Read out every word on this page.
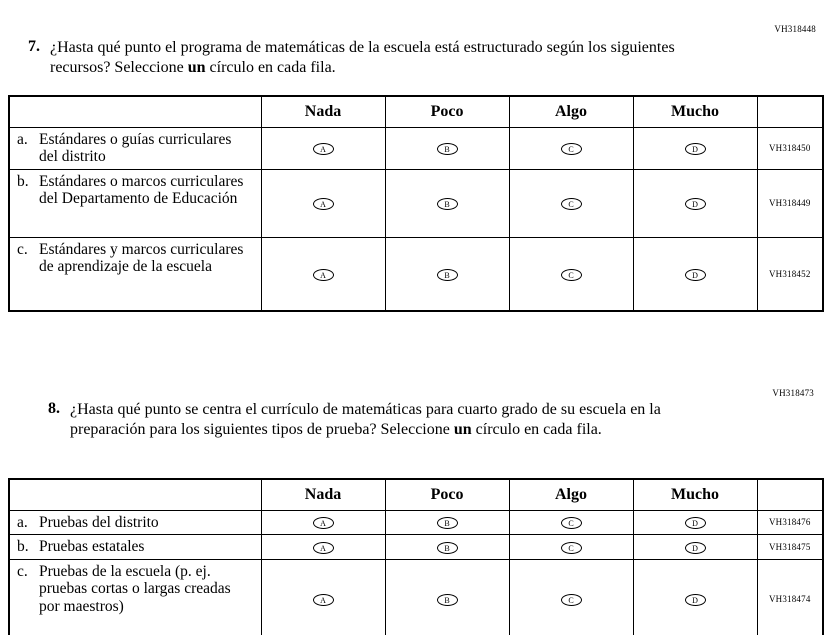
VH318448
7. ¿Hasta qué punto el programa de matemáticas de la escuela está estructurado según los siguientes recursos? Seleccione un círculo en cada fila.
	Nada	Poco	Algo	Mucho	

a. Estándares o guías curriculares del distrito	A	B	C	D	VH318450

b. Estándares o marcos curriculares del Departamento de Educación	A	B	C	D	VH318449

c. Estándares y marcos curriculares de aprendizaje de la escuela	A	B	C	D	VH318452
VH318473
8. ¿Hasta qué punto se centra el currículo de matemáticas para cuarto grado de su escuela en la preparación para los siguientes tipos de prueba? Seleccione un círculo en cada fila.
	Nada	Poco	Algo	Mucho	

a. Pruebas del distrito	A	B	C	D	VH318476

b. Pruebas estatales	A	B	C	D	VH318475

c. Pruebas de la escuela (p. ej. pruebas cortas o largas creadas por maestros)	A	B	C	D	VH318474
